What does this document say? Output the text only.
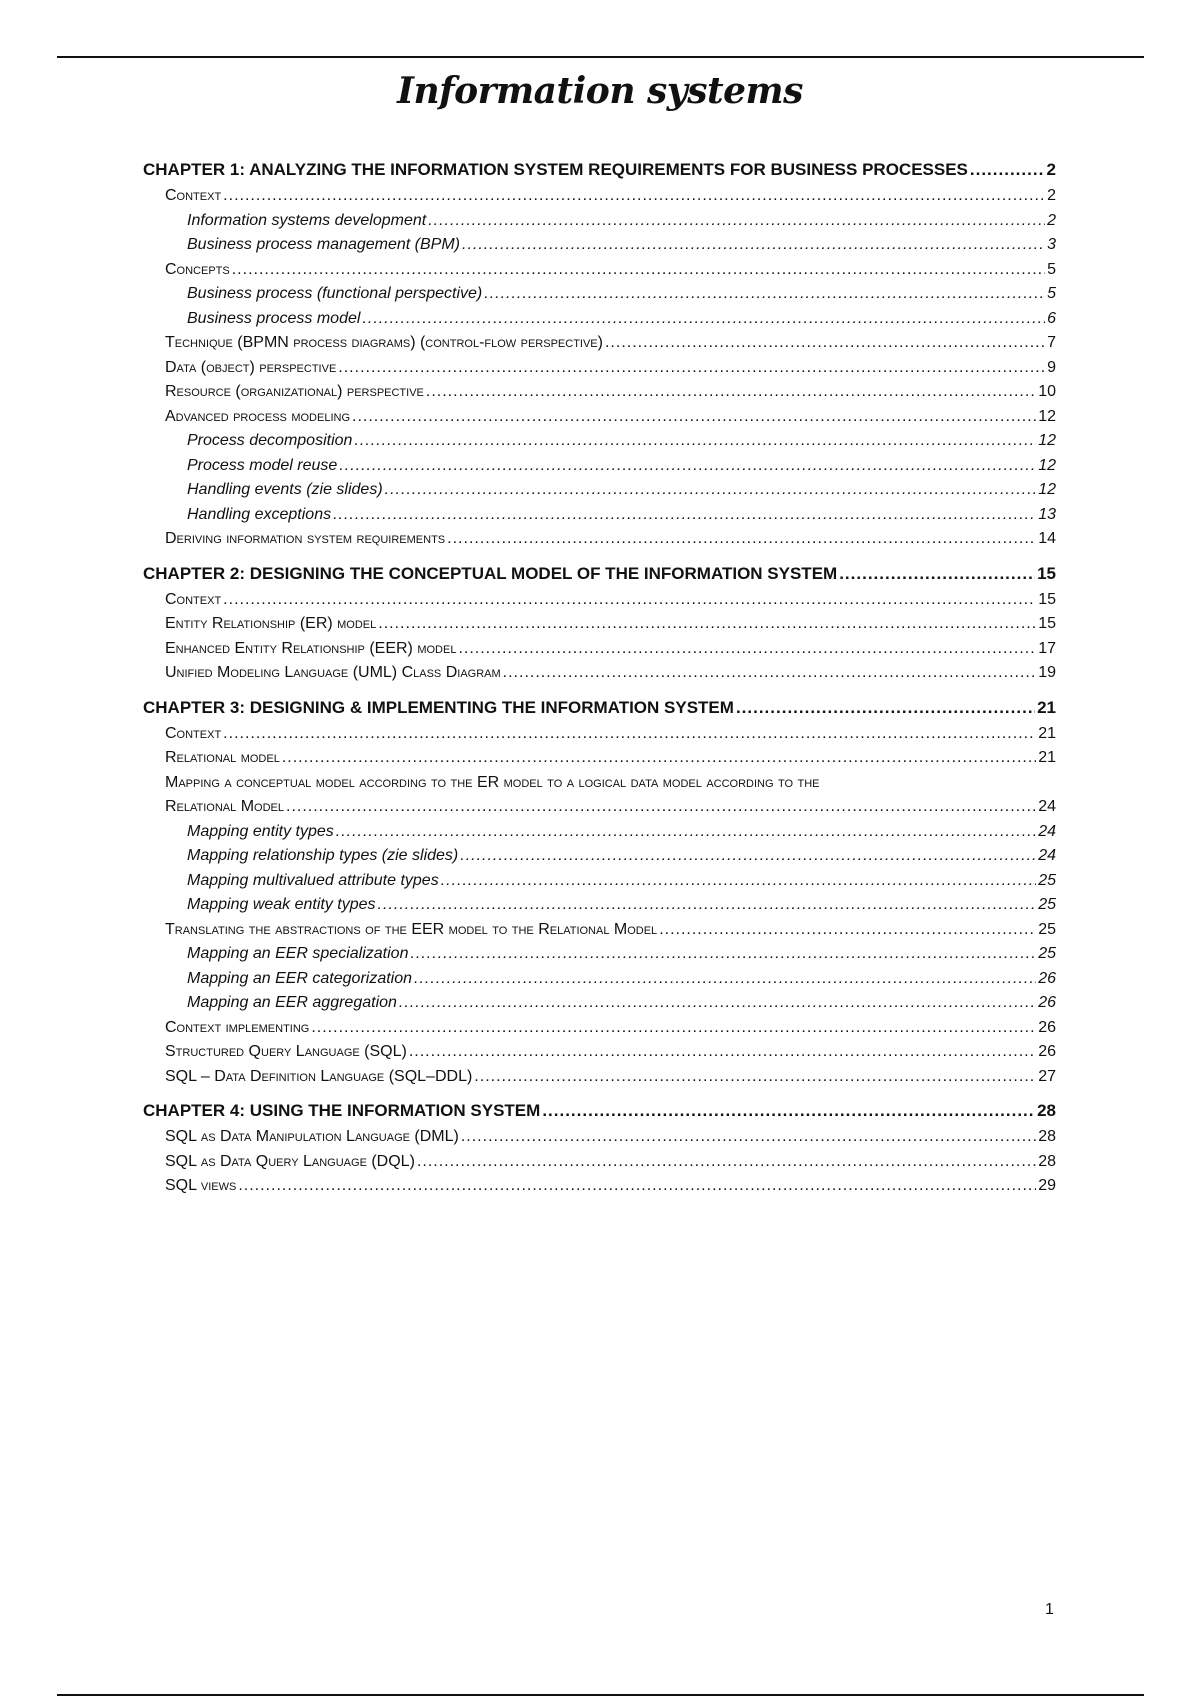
Information systems
CHAPTER 1: ANALYZING THE INFORMATION SYSTEM REQUIREMENTS FOR BUSINESS PROCESSES .....	2
Context .....	2
Information systems development .....	2
Business process management (BPM) .....	3
Concepts .....	5
Business process (functional perspective) .....	5
Business process model .....	6
Technique (BPMN process diagrams) (control-flow perspective) .....	7
Data (object) perspective .....	9
Resource (organizational) perspective .....	10
Advanced process modeling .....	12
Process decomposition .....	12
Process model reuse .....	12
Handling events (zie slides) .....	12
Handling exceptions .....	13
Deriving information system requirements .....	14
CHAPTER 2: DESIGNING THE CONCEPTUAL MODEL OF THE INFORMATION SYSTEM .....	15
Context .....	15
Entity Relationship (ER) model .....	15
Enhanced Entity Relationship (EER) model .....	17
Unified Modeling Language (UML) Class Diagram .....	19
CHAPTER 3: DESIGNING & IMPLEMENTING THE INFORMATION SYSTEM .....	21
Context .....	21
Relational model .....	21
Mapping a conceptual model according to the ER model to a logical data model according to the
Relational Model .....	24
Mapping entity types .....	24
Mapping relationship types (zie slides) .....	24
Mapping multivalued attribute types .....	25
Mapping weak entity types .....	25
Translating the abstractions of the EER model to the Relational Model .....	25
Mapping an EER specialization .....	25
Mapping an EER categorization .....	26
Mapping an EER aggregation .....	26
Context implementing .....	26
Structured Query Language (SQL) .....	26
SQL – Data Definition Language (SQL–DDL) .....	27
CHAPTER 4: USING THE INFORMATION SYSTEM .....	28
SQL as Data Manipulation Language (DML) .....	28
SQL as Data Query Language (DQL) .....	28
SQL views .....	29
1
